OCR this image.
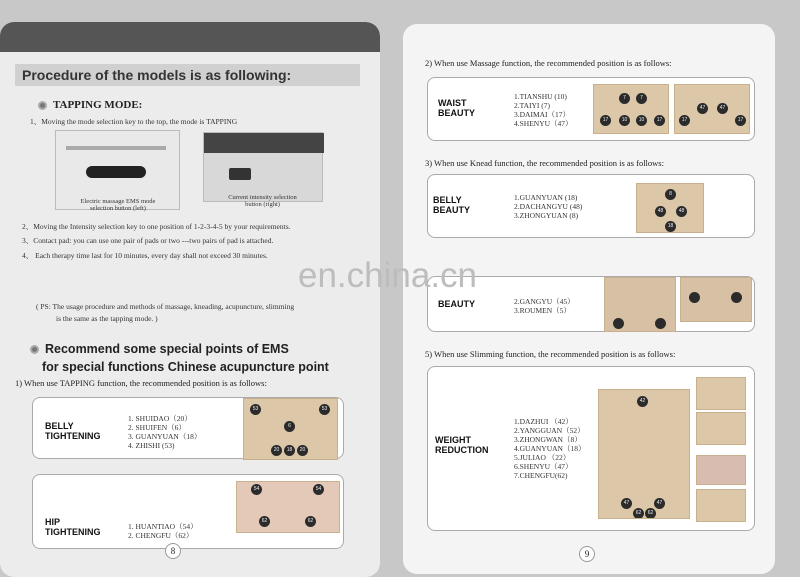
Procedure of the models is as following:
TAPPING MODE:
1、Moving the mode selection key to the top, the mode is TAPPING
Electric massage EMS mode
selection button (left)
Current intensity selection
button (right)
2、Moving the Intensity selection key to one position of 1-2-3-4-5 by your requirements.
3、Contact pad: you can use one pair of pads or two ---two pairs of pad is attached.
4、 Each therapy time last for 10 minutes, every day shall not exceed 30 minutes.
( PS: The usage procedure and methods of massage, kneading, acupuncture, slimming
is the same as the tapping mode. )
Recommend some special points of EMS
for special functions Chinese acupuncture point
1) When use TAPPING function, the recommended position is as follows:
BELLY
TIGHTENING
1. SHUIDAO（20）
2. SHUIFEN（6）
3. GUANYUAN（18）
4. ZHISHI (53)
53	53
6
20	18	20
HIP
TIGHTENING
1. HUANTIAO（54）
2. CHENGFU（62）
54	54
62	62
8
2) When use Massage function, the recommended position is as follows:
WAIST
BEAUTY
1.TIANSHU (10)
2.TAIYI (7)
3.DAIMAI（17）
4.SHENYU（47）
7	7
17	10	10	17
47	47
17	17
3) When use Knead function, the recommended position is as follows:
BELLY
BEAUTY
1.GUANYUAN (18)
2.DACHANGYU (48)
3.ZHONGYUAN (8)
8
48	48
18
BEAUTY	2.GANGYU（45）
3.ROUMEN（5）
5) When use Slimming function, the recommended position is as follows:
WEIGHT
REDUCTION
1.DAZHUI （42）
2.YANGGUAN（52）
3.ZHONGWAN（8）
4.GUANYUAN（18）
5.JULIAO （22）
6.SHENYU（47）
7.CHENGFU(62)
42
47	47
62	62
9
en.china.cn
